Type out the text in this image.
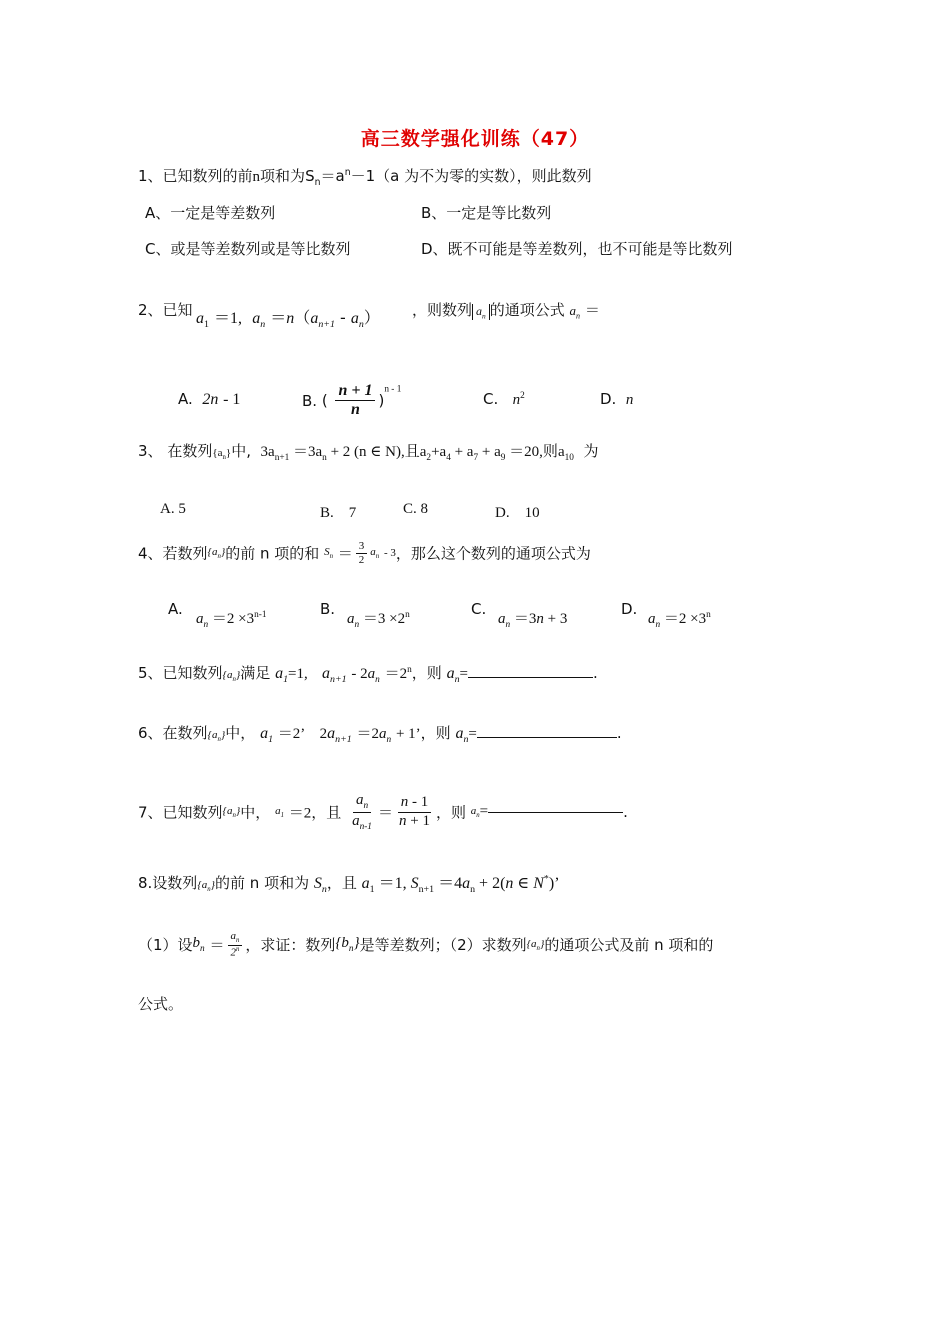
高三数学强化训练（47）
1、已知数列的前n项和为$S_n=a^n-1(a$ 为不为零的实数），则此数列
A、一定是等差数列	B、一定是等比数列
C、或是等差数列或是等比数列	D、既不可能是等差数列，也不可能是等比数列
2、已知 $a_1 =1$, $a_n =n(a_{n+1} - a_n)$ ，则数列 $a_n$ 的通项公式 $a_n$ ＝
A. 2n - 1	B. ( $\frac{n + 1}{n} )^{n - 1}$
C. $n^2$	D. n
3、 在数列$\{a_n\}$中, $3a_{n+1} =3a_n + 2$ (n ∈ N),且$a_2+a_4 + a_7 + a_9 =20$,则$a_{10}$ 为
A. 5	B.　7	C. 8	D.　10
4、若数列$\{a_n\}$的前 n 项的和 $S_n = \frac{3}{2} a_n - 3$，那么这个数列的通项公式为
A.
$a_n =2 \times 3^{n-1}$	B.
$a_n =3 \times 2^n$	C.
$a_n =3n + 3$
D.
$a_n =2 \times 3^n$
5、已知数列$\{a_n\}$满足 $a_1=1$, $a_{n+1} - 2a_n =2^n$，则 $a_n=$	.
6、在数列$\{a_n\}$中， $a_1 =2$’ $2a_{n+1} =2a_n + 1$’，则 $a_n=$	.
7、已知数列$\{a_n\}$中， $a_1 =2$，且 $\frac{a_n}{a_{n-1}} = \frac{n - 1}{n + 1}$ ，则 $a_n=$	.
8.设数列$\{a_n\}$的前 n 项和为 $S_n$，且 $a_1 =1$, $S_{n+1} =4a_n + 2(n$ ∈ N*)’
（1）设$b_n = \frac{a_n}{2^n}$ ，求证：数列$\{b_n\}$是等差数列；（2）求数列$\{a_n\}$的通项公式及前 n 项和的
公式。
